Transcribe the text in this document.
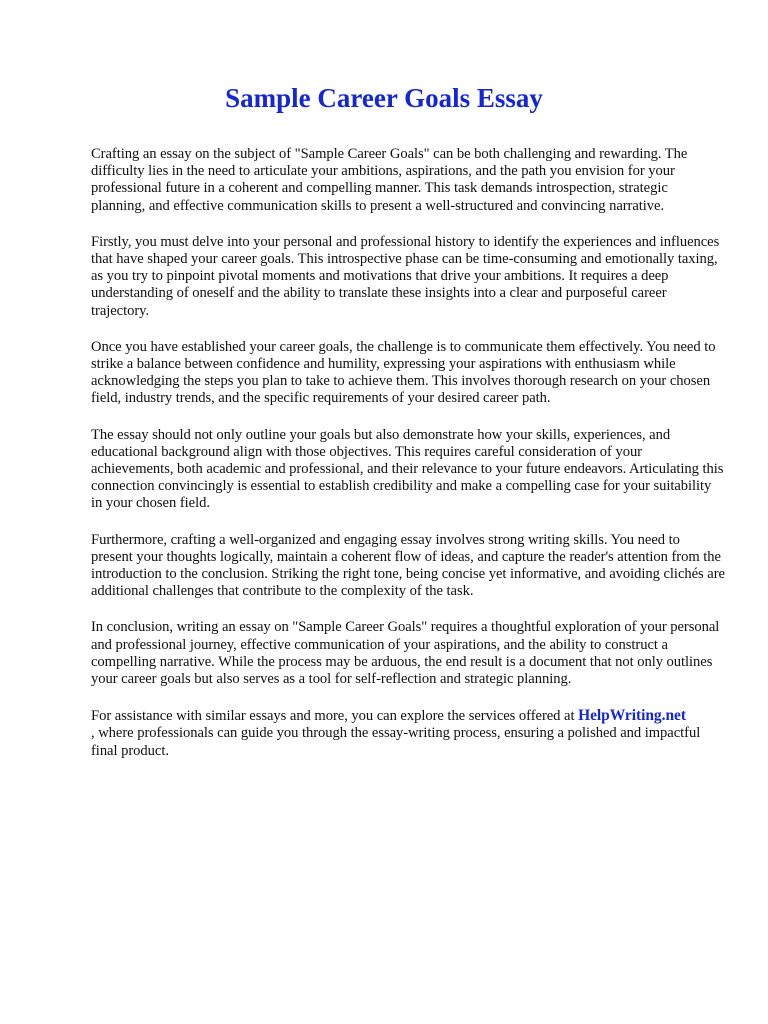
Sample Career Goals Essay

Crafting an essay on the subject of "Sample Career Goals" can be both challenging and rewarding. The difficulty lies in the need to articulate your ambitions, aspirations, and the path you envision for your professional future in a coherent and compelling manner. This task demands introspection, strategic planning, and effective communication skills to present a well-structured and convincing narrative.

Firstly, you must delve into your personal and professional history to identify the experiences and influences that have shaped your career goals. This introspective phase can be time-consuming and emotionally taxing, as you try to pinpoint pivotal moments and motivations that drive your ambitions. It requires a deep understanding of oneself and the ability to translate these insights into a clear and purposeful career trajectory.

Once you have established your career goals, the challenge is to communicate them effectively. You need to strike a balance between confidence and humility, expressing your aspirations with enthusiasm while acknowledging the steps you plan to take to achieve them. This involves thorough research on your chosen field, industry trends, and the specific requirements of your desired career path.

The essay should not only outline your goals but also demonstrate how your skills, experiences, and educational background align with those objectives. This requires careful consideration of your achievements, both academic and professional, and their relevance to your future endeavors. Articulating this connection convincingly is essential to establish credibility and make a compelling case for your suitability in your chosen field.

Furthermore, crafting a well-organized and engaging essay involves strong writing skills. You need to present your thoughts logically, maintain a coherent flow of ideas, and capture the reader's attention from the introduction to the conclusion. Striking the right tone, being concise yet informative, and avoiding clichés are additional challenges that contribute to the complexity of the task.

In conclusion, writing an essay on "Sample Career Goals" requires a thoughtful exploration of your personal and professional journey, effective communication of your aspirations, and the ability to construct a compelling narrative. While the process may be arduous, the end result is a document that not only outlines your career goals but also serves as a tool for self-reflection and strategic planning.

For assistance with similar essays and more, you can explore the services offered at HelpWriting.net
, where professionals can guide you through the essay-writing process, ensuring a polished and impactful final product.
